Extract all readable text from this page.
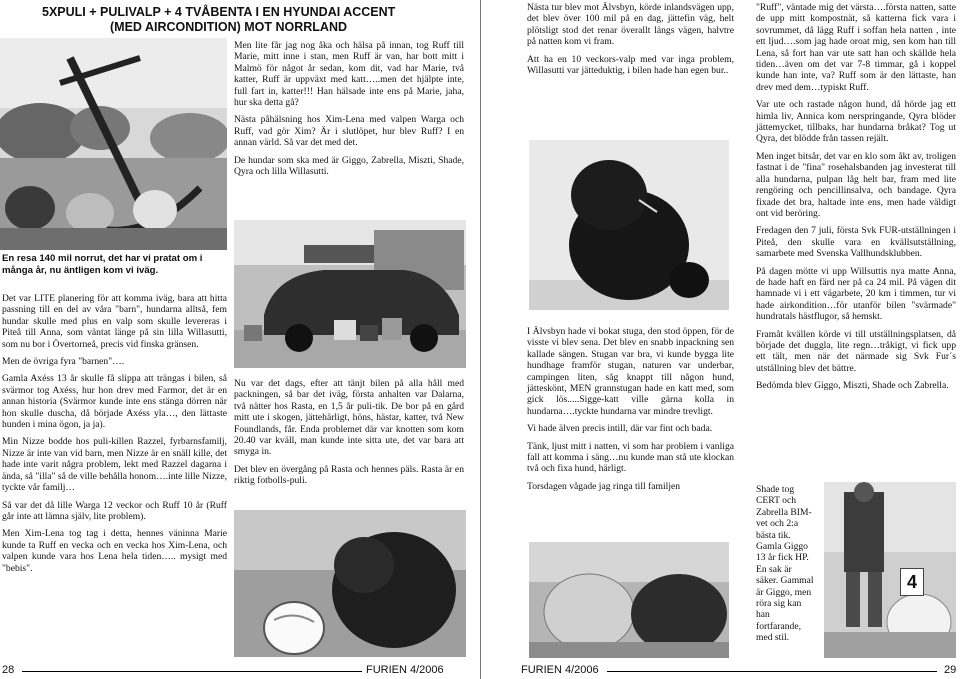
5XPULI + PULIVALP + 4 TVÅBENTA I EN HYUNDAI ACCENT
(MED AIRCONDITION) MOT NORRLAND
En resa 140 mil norrut, det har vi pratat om i många år, nu äntligen kom vi iväg.

Det var LITE planering för att komma iväg, bara att hitta passning till en del av våra "barn", hundarna alltså, fem hundar skulle med plus en valp som skulle levereras i Piteå till Anna, som väntat länge på sin lilla Willasutti, som nu bor i Övertorneå, precis vid finska gränsen.

Men de övriga fyra "barnen"….

Gamla Axéss 13 år skulle få slippa att trängas i bilen, så svärmor tog Axéss, hur hon drev med Farmor, det är en annan historia (Svärmor kunde inte ens stänga dörren när hon skulle duscha, då började Axéss yla…, den lättaste hunden i mina ögon, ja ja).

Min Nizze bodde hos puli-killen Razzel, fyrbarnsfamilj, Nizze är inte van vid barn, men Nizze är en snäll kille, det hade inte varit några problem, lekt med Razzel dagarna i ända, så "illa" så de ville behålla honom….inte lille Nizze, tyckte vår familj…

Så var det då lille Warga 12 veckor och Ruff 10 år (Ruff går inte att lämna själv, lite problem).

Men Xim-Lena tog tag i detta, hennes väninna Marie kunde ta Ruff en vecka och en vecka hos Xim-Lena, och valpen kunde vara hos Lena hela tiden….. mysigt med "bebis".

Men lite får jag nog åka och hälsa på innan, tog Ruff till Marie, mitt inne i stan, men Ruff är van, har bott mitt i Malmö för något år sedan, kom dit, vad har Marie, två katter, Ruff är uppväxt med katt…..men det hjälpte inte, full fart in, katter!!! Han hälsade inte ens på Marie, jaha, hur ska detta gå?

Nästa påhälsning hos Xim-Lena med valpen Warga och Ruff, vad gör Xim? Är i slutlöpet, hur blev Ruff? I en annan värld. Så var det med det.

De hundar som ska med är Giggo, Zabrella, Miszti, Shade, Qyra och lilla Willasutti.

Nu var det dags, efter att tänjt bilen på alla håll med packningen, så bar det iväg, första anhalten var Dalarna, två nätter hos Rasta, en 1,5 år puli-tik. De bor på en gård mitt ute i skogen, jättehärligt, höns, hästar, katter, två New Foundlands, får. Enda problemet där var knotten som kom 20.40 var kväll, man kunde inte sitta ute, det var bara att smyga in.

Det blev en övergång på Rasta och hennes päls. Rasta är en riktig fotbolls-puli.

28	FURIEN 4/2006

Nästa tur blev mot Älvsbyn, körde inlandsvägen upp, det blev över 100 mil på en dag, jättefin väg, helt plötsligt stod det renar överallt längs vägen, halvtre på natten kom vi fram.

Att ha en 10 veckors-valp med var inga problem, Willasutti var jätteduktig, i bilen hade han egen bur..

I Älvsbyn hade vi bokat stuga, den stod öppen, för de visste vi blev sena. Det blev en snabb inpackning sen kallade sängen. Stugan var bra, vi kunde bygga lite hundhage framför stugan, naturen var underbar, campingen liten, såg knappt till någon hund, jätteskönt, MEN grannstugan hade en katt med, som gick lös.....Sigge-katt ville gärna kolla in hundarna….tyckte hundarna var mindre trevligt.

Vi hade älven precis intill, där var fint och bada.

Tänk, ljust mitt i natten, vi som har problem i vanliga fall att komma i säng…nu kunde man stå ute klockan två och fixa hund, härligt.

Torsdagen vågade jag ringa till familjen

FURIEN 4/2006	29

"Ruff", väntade mig det värsta….första natten, satte de upp mitt kompostnät, så katterna fick vara i sovrummet, då lägg Ruff i soffan hela natten , inte ett ljud….som jag hade oroat mig, sen kom han till Lena, så fort han var ute satt han och skällde hela tiden…även om det var 7-8 timmar, gå i koppel kunde han inte, va? Ruff som är den lättaste, han drev med dem…typiskt Ruff.

Var ute och rastade någon hund, då hörde jag ett himla liv, Annica kom nerspringande, Qyra blöder jättemycket, tillbaks, har hundarna bråkat? Tog ut Qyra, det blödde från tassen rejält.

Men inget bitsår, det var en klo som åkt av, troligen fastnat i de "fina" rosehalsbanden jag investerat till alla hundarna, pulpan låg helt bar, fram med lite rengöring och pencillinsalva, och bandage. Qyra fixade det bra, haltade inte ens, men hade väldigt ont vid beröring.

Fredagen den 7 juli, första Svk FUR-utställningen i Piteå, den skulle vara en kvällsutställning, samarbete med Svenska Vallhundsklubben.

På dagen mötte vi upp Willsuttis nya matte Anna, de hade haft en färd ner på ca 24 mil. På vägen dit hamnade vi i ett vägarbete, 20 km i timmen, tur vi hade airkondition…för utanför bilen "svärmade" hundratals hästflugor, så hemskt.

Framåt kvällen körde vi till utställningsplatsen, då började det duggla, lite regn…tråkigt, vi fick upp ett tält, men när det närmade sig Svk Fur´s utställning blev det bättre.

Bedömda blev Giggo, Miszti, Shade och Zabrella.

Shade tog CERT och Zabrella BIM-vet och 2:a bästa tik. Gamla Giggo 13 år fick HP. En sak är säker. Gammal är Giggo, men röra sig kan han fortfarande, med stil.
4
